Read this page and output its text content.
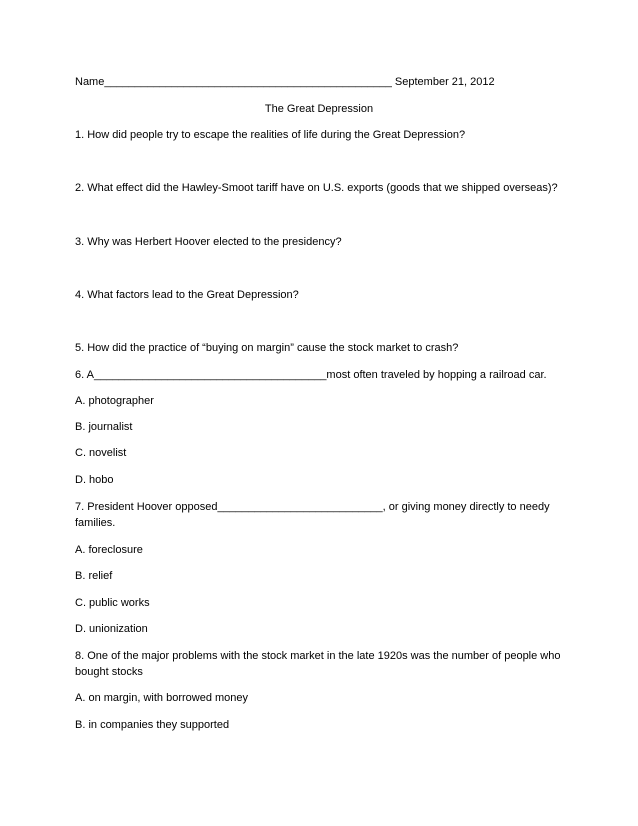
Name_______________________________________________ September 21, 2012
The Great Depression
1. How did people try to escape the realities of life during the Great Depression?
2. What effect did the Hawley-Smoot tariff have on U.S. exports (goods that we shipped overseas)?
3. Why was Herbert Hoover elected to the presidency?
4. What factors lead to the Great Depression?
5. How did the practice of “buying on margin” cause the stock market to crash?
6. A______________________________________most often traveled by hopping a railroad car.
A. photographer
B. journalist
C. novelist
D. hobo
7. President Hoover opposed___________________________, or giving money directly to needy
families.
A. foreclosure
B. relief
C. public works
D. unionization
8. One of the major problems with the stock market in the late 1920s was the number of people who
bought stocks
A. on margin, with borrowed money
B. in companies they supported
